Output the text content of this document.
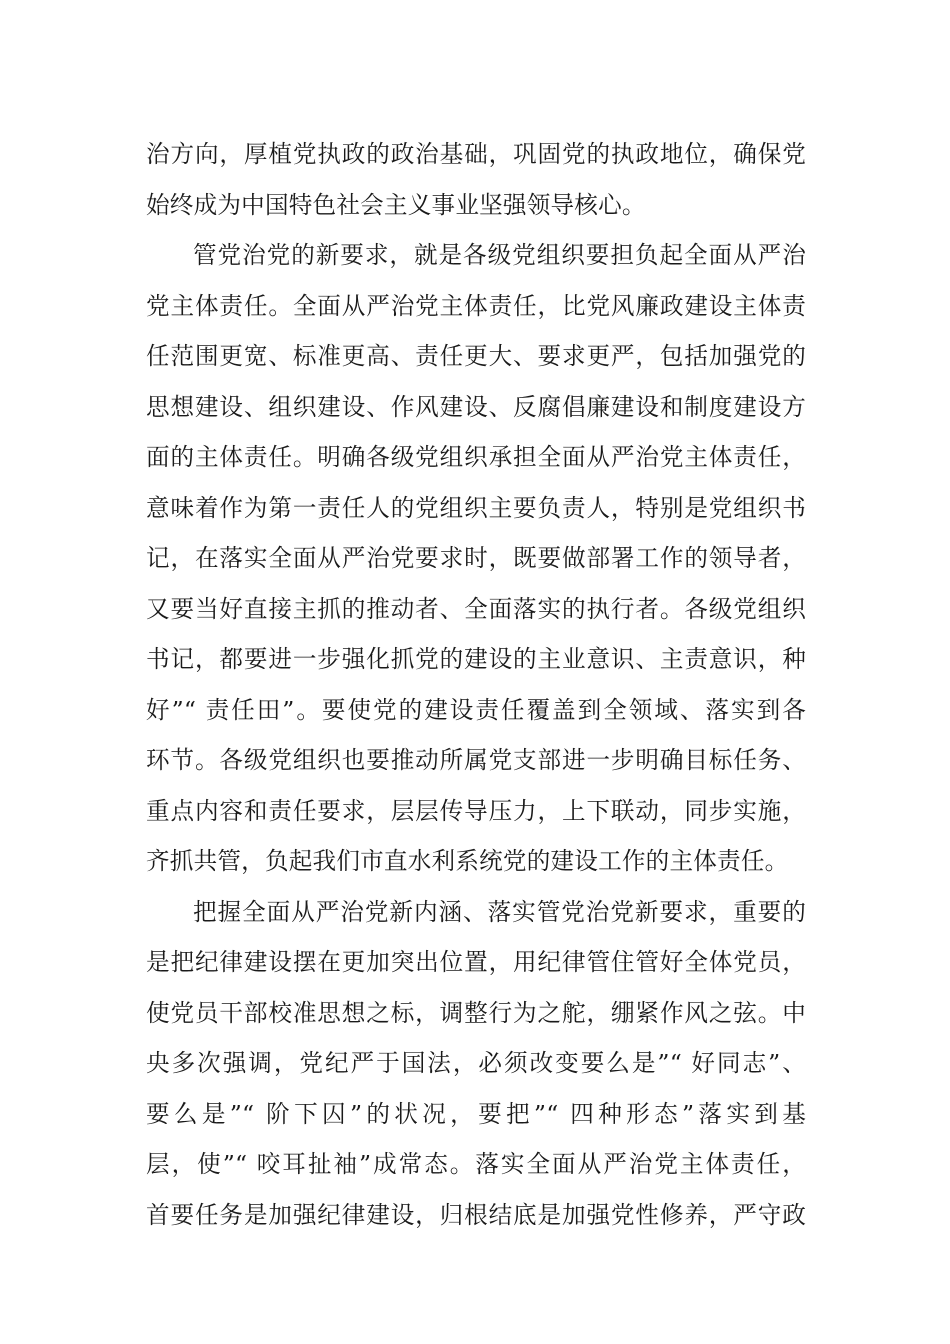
治方向，厚植党执政的政治基础，巩固党的执政地位，确保党
始终成为中国特色社会主义事业坚强领导核心。
管党治党的新要求，就是各级党组织要担负起全面从严治
党主体责任。全面从严治党主体责任，比党风廉政建设主体责
任范围更宽、标准更高、责任更大、要求更严，包括加强党的
思想建设、组织建设、作风建设、反腐倡廉建设和制度建设方
面的主体责任。明确各级党组织承担全面从严治党主体责任，
意味着作为第一责任人的党组织主要负责人，特别是党组织书
记，在落实全面从严治党要求时，既要做部署工作的领导者，
又要当好直接主抓的推动者、全面落实的执行者。各级党组织
书记，都要进一步强化抓党的建设的主业意识、主责意识，种
好”“ 责任田”。要使党的建设责任覆盖到全领域、落实到各
环节。各级党组织也要推动所属党支部进一步明确目标任务、
重点内容和责任要求，层层传导压力，上下联动，同步实施，
齐抓共管，负起我们市直水利系统党的建设工作的主体责任。
把握全面从严治党新内涵、落实管党治党新要求，重要的
是把纪律建设摆在更加突出位置，用纪律管住管好全体党员，
使党员干部校准思想之标，调整行为之舵，绷紧作风之弦。中
央多次强调，党纪严于国法，必须改变要么是”“ 好同志”、
要么是”“ 阶下囚”的状况，要把”“ 四种形态”落实到基
层，使”“ 咬耳扯袖”成常态。落实全面从严治党主体责任，
首要任务是加强纪律建设，归根结底是加强党性修养，严守政
